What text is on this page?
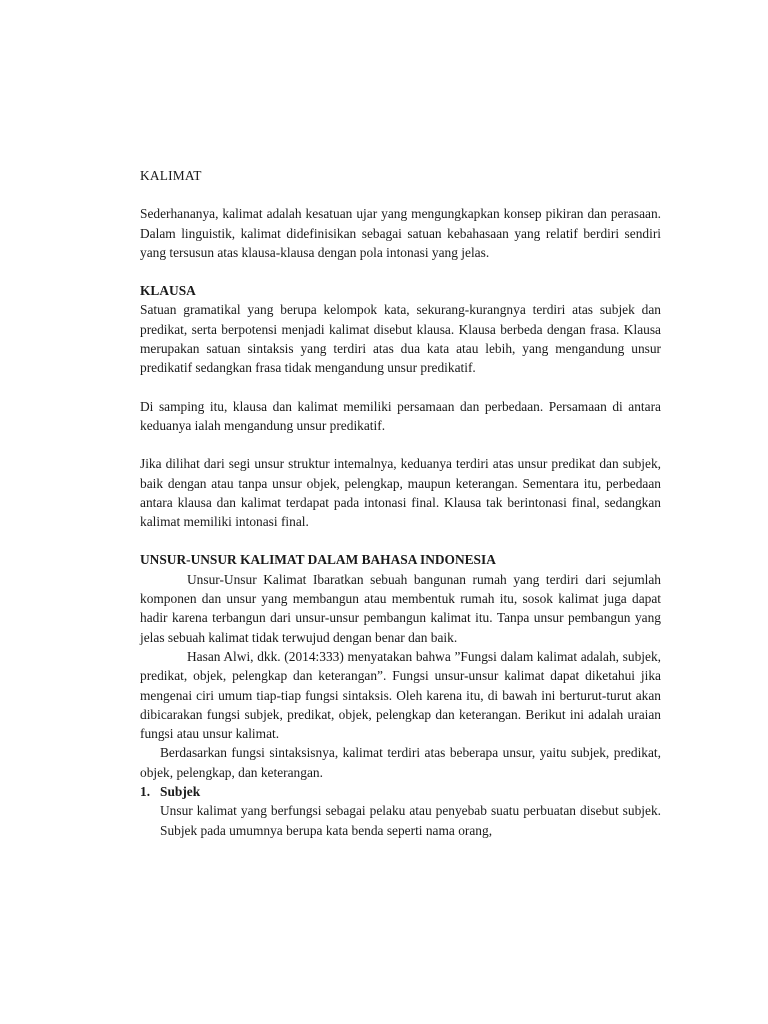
KALIMAT

Sederhananya, kalimat adalah kesatuan ujar yang mengungkapkan konsep pikiran dan perasaan. Dalam linguistik, kalimat didefinisikan sebagai satuan kebahasaan yang relatif berdiri sendiri yang tersusun atas klausa-klausa dengan pola intonasi yang jelas.

KLAUSA

Satuan gramatikal yang berupa kelompok kata, sekurang-kurangnya terdiri atas subjek dan predikat, serta berpotensi menjadi kalimat disebut klausa. Klausa berbeda dengan frasa. Klausa merupakan satuan sintaksis yang terdiri atas dua kata atau lebih, yang mengandung unsur predikatif sedangkan frasa tidak mengandung unsur predikatif.

Di samping itu, klausa dan kalimat memiliki persamaan dan perbedaan. Persamaan di antara keduanya ialah mengandung unsur predikatif.

Jika dilihat dari segi unsur struktur intemalnya, keduanya terdiri atas unsur predikat dan subjek, baik dengan atau tanpa unsur objek, pelengkap, maupun keterangan. Sementara itu, perbedaan antara klausa dan kalimat terdapat pada intonasi final. Klausa tak berintonasi final, sedangkan kalimat memiliki intonasi final.

UNSUR-UNSUR KALIMAT DALAM BAHASA INDONESIA

Unsur-Unsur Kalimat Ibaratkan sebuah bangunan rumah yang terdiri dari sejumlah komponen dan unsur yang membangun atau membentuk rumah itu, sosok kalimat juga dapat hadir karena terbangun dari unsur-unsur pembangun kalimat itu. Tanpa unsur pembangun yang jelas sebuah kalimat tidak terwujud dengan benar dan baik.

Hasan Alwi, dkk. (2014:333) menyatakan bahwa ”Fungsi dalam kalimat adalah, subjek, predikat, objek, pelengkap dan keterangan”. Fungsi unsur-unsur kalimat dapat diketahui jika mengenai ciri umum tiap-tiap fungsi sintaksis. Oleh karena itu, di bawah ini berturut-turut akan dibicarakan fungsi subjek, predikat, objek, pelengkap dan keterangan. Berikut ini adalah uraian fungsi atau unsur kalimat.

Berdasarkan fungsi sintaksisnya, kalimat terdiri atas beberapa unsur, yaitu subjek, predikat, objek, pelengkap, dan keterangan.

1. Subjek

Unsur kalimat yang berfungsi sebagai pelaku atau penyebab suatu perbuatan disebut subjek. Subjek pada umumnya berupa kata benda seperti nama orang,
